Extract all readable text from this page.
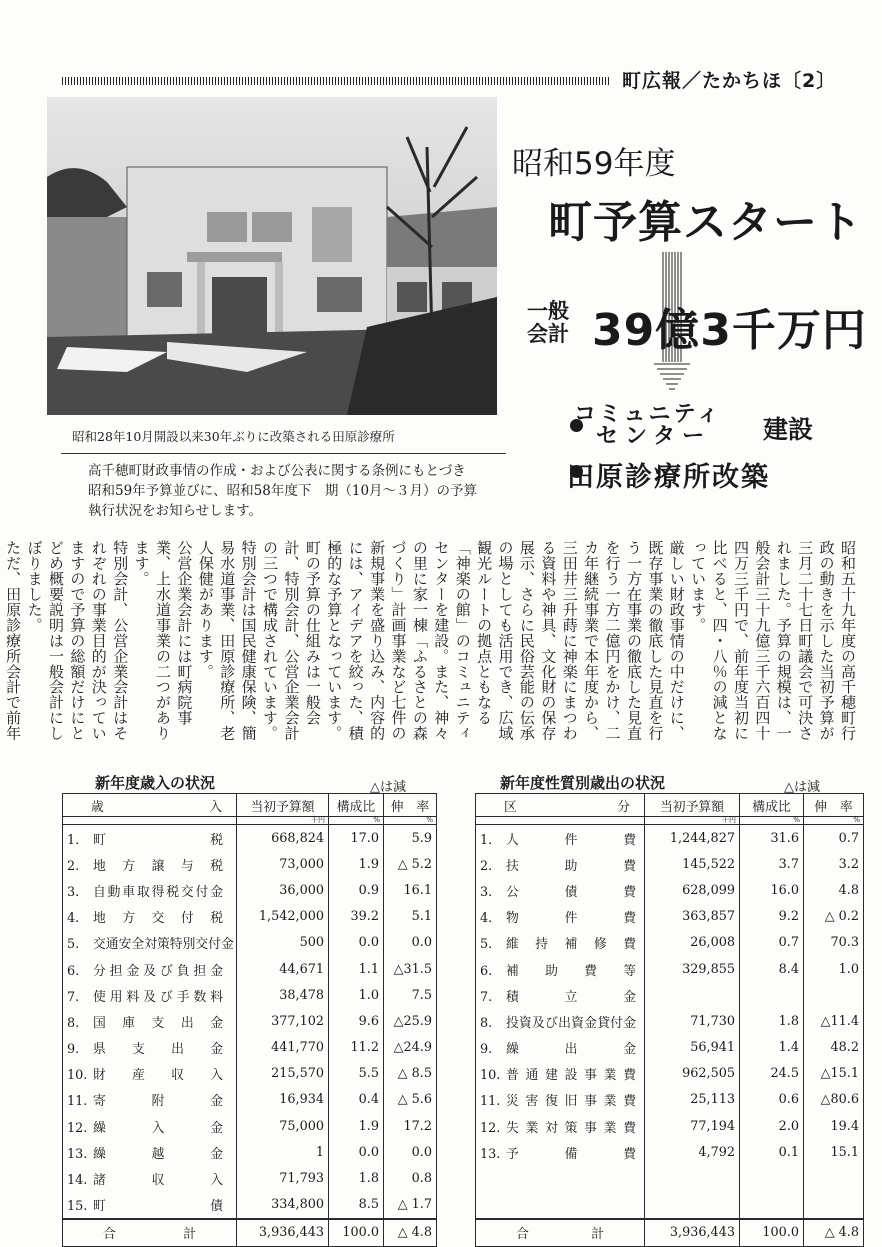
町広報／たかちほ〔2〕
昭和28年10月開設以来30年ぶりに改築される田原診療所
昭和59年度
町予算スタート
一般
会計 39億3千万円
コミュニティ
センター 建設
田原診療所改築

高千穂町財政事情の作成・および公表に関する条例にもとづき

昭和59年予算並びに、昭和58年度下　期（10月～３月）の予算

執行状況をお知らせします。

昭和五十九年度の高千穂町行政の動きを示した当初予算が三月二十七日町議会で可決されました。予算の規模は、一般会計三十九億三千六百四十四万三千円で、前年度当初に比べると、四・八％の減となっています。

厳しい財政事情の中だけに、既存事業の徹底した見直を行う一方在事業の徹底した見直を行う一方二億円をかけ、二カ年継続事業で本年度から、三田井三升蒔に神楽にまつわる資料や神具、文化財の保存展示、さらに民俗芸能の伝承の場としても活用でき、広域観光ルートの拠点ともなる「神楽の館」のコミュニティセンターを建設。また、神々の里に家一棟「ふるさとの森づくり」計画事業など七件の新規事業を盛り込み、内容的には、アイデアを絞った、積極的な予算となっています。

町の予算の仕組みは一般会計、特別会計、公営企業会計の三つで構成されています。

特別会計は国民健康保険、簡易水道事業、田原診療所、老人保健があります。

公営企業会計には町病院事業、上水道事業の二つがあります。

特別会計、公営企業会計はそれぞれの事業目的が決っていますので予算の総額だけにとどめ概要説明は一般会計にしぼりました。

ただ、田原診療所会計で前年

新年度歳入の状況	△は減
歳入	当初予算額	構成比	伸　率
	千円	%	%
1. 町税	668,824	17.0	5.9
2. 地方譲与税	73,000	1.9	△ 5.2
3. 自動車取得税交付金	36,000	0.9	16.1
4. 地方交付税	1,542,000	39.2	5.1
5. 交通安全対策特別交付金	500	0.0	0.0
6. 分担金及び負担金	44,671	1.1	△31.5
7. 使用料及び手数料	38,478	1.0	7.5
8. 国庫支出金	377,102	9.6	△25.9
9. 県支出金	441,770	11.2	△24.9
10. 財産収入	215,570	5.5	△ 8.5
11. 寄附金	16,934	0.4	△ 5.6
12. 繰入金	75,000	1.9	17.2
13. 繰越金	1	0.0	0.0
14. 諸収入	71,793	1.8	0.8
15. 町債	334,800	8.5	△ 1.7

合計	3,936,443	100.0	△ 4.8
新年度性質別歳出の状況	△は減
区分	当初予算額	構成比	伸　率
	千円	%	%
1. 人件費	1,244,827	31.6	0.7
2. 扶助費	145,522	3.7	3.2
3. 公債費	628,099	16.0	4.8
4. 物件費	363,857	9.2	△ 0.2
5. 維持補修費	26,008	0.7	70.3
6. 補助費等	329,855	8.4	1.0
7. 積立金			
8. 投資及び出資金貸付金	71,730	1.8	△11.4
9. 繰出金	56,941	1.4	48.2
10. 普通建設事業費	962,505	24.5	△15.1
11. 災害復旧事業費	25,113	0.6	△80.6
12. 失業対策事業費	77,194	2.0	19.4
13. 予備費	4,792	0.1	15.1

合計	3,936,443	100.0	△ 4.8
